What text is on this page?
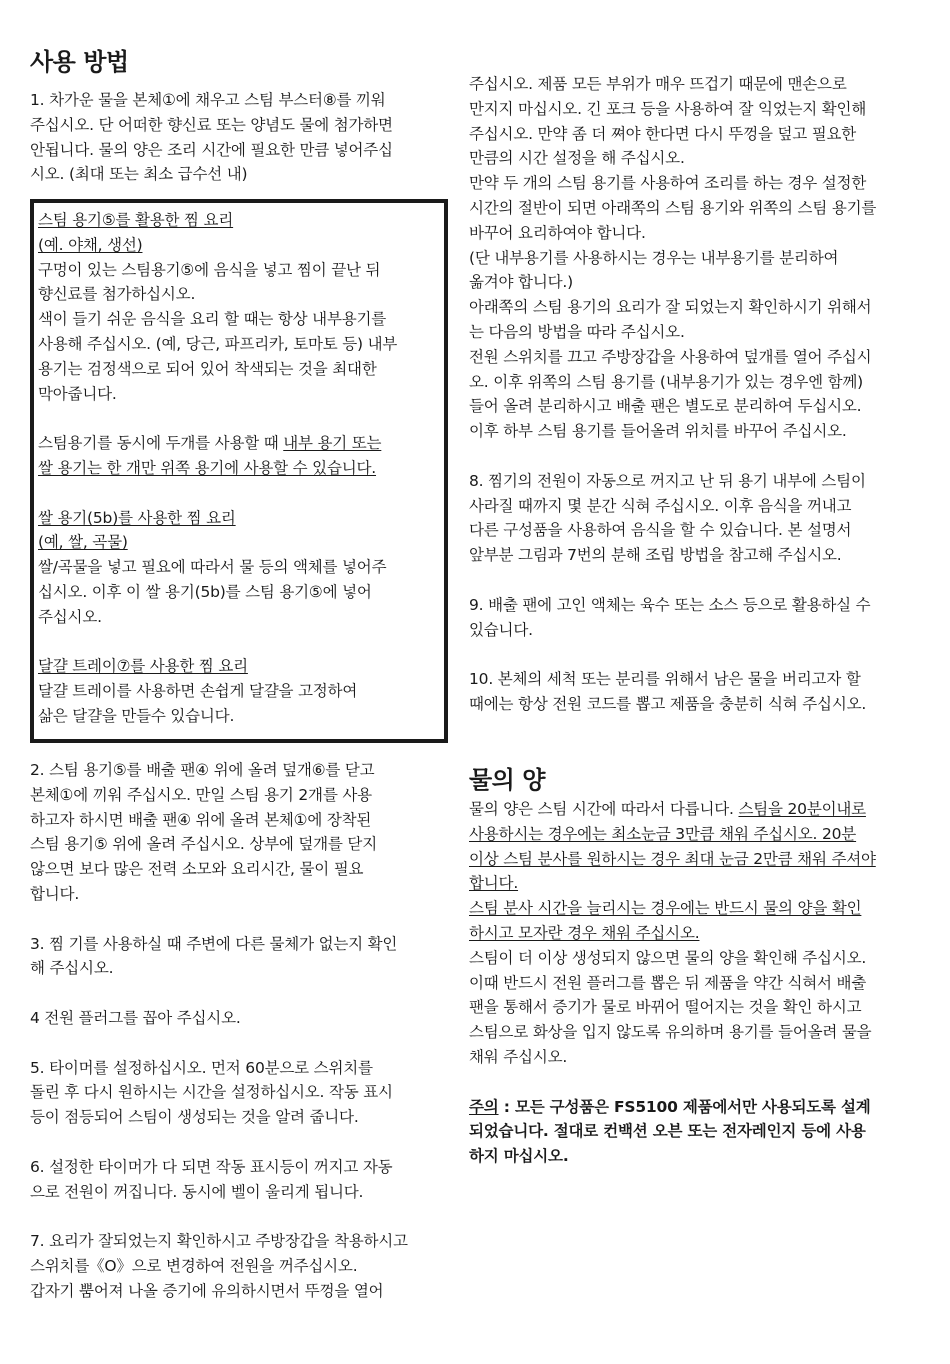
사용 방법
1. 차가운 물을 본체①에 채우고 스팀 부스터⑧를 끼워
주십시오. 단 어떠한 향신료 또는 양념도 물에 첨가하면
안됩니다. 물의 양은 조리 시간에 필요한 만큼 넣어주십
시오. (최대 또는 최소 급수선 내)
스팀 용기⑤를 활용한 찜 요리
(예. 야채, 생선)
구멍이 있는 스팀용기⑤에 음식을 넣고 찜이 끝난 뒤
향신료를 첨가하십시오.
색이 들기 쉬운 음식을 요리 할 때는 항상 내부용기를
사용해 주십시오. (예, 당근, 파프리카, 토마토 등) 내부
용기는 검정색으로 되어 있어 착색되는 것을 최대한
막아줍니다.
스팀용기를 동시에 두개를 사용할 때 내부 용기 또는
쌀 용기는 한 개만 위쪽 용기에 사용할 수 있습니다.
쌀 용기(5b)를 사용한 찜 요리
(예, 쌀, 곡물)
쌀/곡물을 넣고 필요에 따라서 물 등의 액체를 넣어주
십시오. 이후 이 쌀 용기(5b)를 스팀 용기⑤에 넣어
주십시오.
달걀 트레이⑦를 사용한 찜 요리
달걀 트레이를 사용하면 손쉽게 달걀을 고정하여
삶은 달걀을 만들수 있습니다.
2. 스팀 용기⑤를 배출 팬④ 위에 올려 덮개⑥를 닫고
본체①에 끼워 주십시오. 만일 스팀 용기 2개를 사용
하고자 하시면 배출 팬④ 위에 올려 본체①에 장착된
스팀 용기⑤ 위에 올려 주십시오. 상부에 덮개를 닫지
않으면 보다 많은 전력 소모와 요리시간, 물이 필요
합니다.
3. 찜 기를 사용하실 때 주변에 다른 물체가 없는지 확인
해 주십시오.
4 전원 플러그를 꼽아 주십시오.
5. 타이머를 설정하십시오. 먼저 60분으로 스위치를
돌린 후 다시 원하시는 시간을 설정하십시오. 작동 표시
등이 점등되어 스팀이 생성되는 것을 알려 줍니다.
6. 설정한 타이머가 다 되면 작동 표시등이 꺼지고 자동
으로 전원이 꺼집니다. 동시에 벨이 울리게 됩니다.
7. 요리가 잘되었는지 확인하시고 주방장갑을 착용하시고
스위치를《O》으로 변경하여 전원을 꺼주십시오.
갑자기 뿜어져 나올 증기에 유의하시면서 뚜껑을 열어
주십시오. 제품 모든 부위가 매우 뜨겁기 때문에 맨손으로
만지지 마십시오. 긴 포크 등을 사용하여 잘 익었는지 확인해
주십시오. 만약 좀 더 쪄야 한다면 다시 뚜껑을 덮고 필요한
만큼의 시간 설정을 해 주십시오.
만약 두 개의 스팀 용기를 사용하여 조리를 하는 경우 설정한
시간의 절반이 되면 아래쪽의 스팀 용기와 위쪽의 스팀 용기를
바꾸어 요리하여야 합니다.
(단 내부용기를 사용하시는 경우는 내부용기를 분리하여
옮겨야 합니다.)
아래쪽의 스팀 용기의 요리가 잘 되었는지 확인하시기 위해서
는 다음의 방법을 따라 주십시오.
전원 스위치를 끄고 주방장갑을 사용하여 덮개를 열어 주십시
오. 이후 위쪽의 스팀 용기를 (내부용기가 있는 경우엔 함께)
들어 올려 분리하시고 배출 팬은 별도로 분리하여 두십시오.
이후 하부 스팀 용기를 들어올려 위치를 바꾸어 주십시오.
8. 찜기의 전원이 자동으로 꺼지고 난 뒤 용기 내부에 스팀이
사라질 때까지 몇 분간 식혀 주십시오. 이후 음식을 꺼내고
다른 구성품을 사용하여 음식을 할 수 있습니다. 본 설명서
앞부분 그림과 7번의 분해 조립 방법을 참고해 주십시오.
9. 배출 팬에 고인 액체는 육수 또는 소스 등으로 활용하실 수
있습니다.
10. 본체의 세척 또는 분리를 위해서 남은 물을 버리고자 할
때에는 항상 전원 코드를 뽑고 제품을 충분히 식혀 주십시오.
물의 양
물의 양은 스팀 시간에 따라서 다릅니다. 스팀을 20분이내로
사용하시는 경우에는 최소눈금 3만큼 채워 주십시오. 20분
이상 스팀 분사를 원하시는 경우 최대 눈금 2만큼 채워 주셔야
합니다.
스팀 분사 시간을 늘리시는 경우에는 반드시 물의 양을 확인
하시고 모자란 경우 채워 주십시오.
스팀이 더 이상 생성되지 않으면 물의 양을 확인해 주십시오.
이때 반드시 전원 플러그를 뽑은 뒤 제품을 약간 식혀서 배출
팬을 통해서 증기가 물로 바뀌어 떨어지는 것을 확인 하시고
스팀으로 화상을 입지 않도록 유의하며 용기를 들어올려 물을
채워 주십시오.
주의 : 모든 구성품은 FS5100 제품에서만 사용되도록 설계
되었습니다. 절대로 컨백션 오븐 또는 전자레인지 등에 사용
하지 마십시오.
